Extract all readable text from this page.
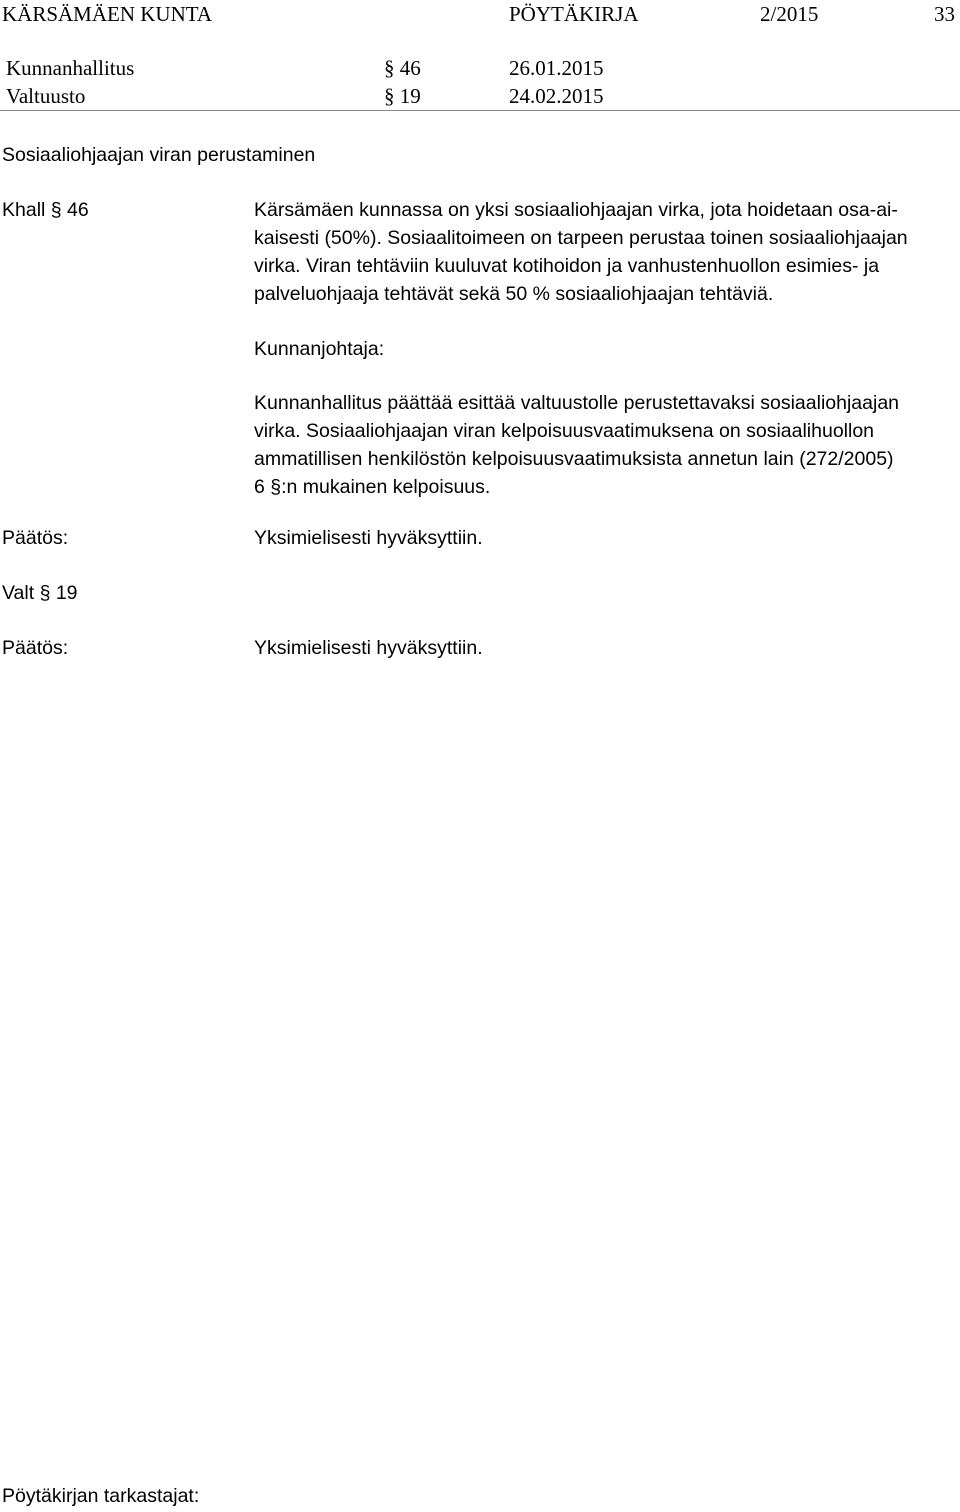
KÄRSÄMÄEN KUNTA	PÖYTÄKIRJA	2/2015	33
Kunnanhallitus	§ 46	26.01.2015
Valtuusto	§ 19	24.02.2015
Sosiaaliohjaajan viran perustaminen
Khall § 46	Kärsämäen kunnassa on yksi sosiaaliohjaajan virka, jota hoidetaan osa-ai-
kaisesti (50%). Sosiaalitoimeen on tarpeen perustaa toinen sosiaaliohjaajan
virka. Viran tehtäviin kuuluvat kotihoidon ja vanhustenhuollon esimies- ja
palveluohjaaja tehtävät sekä 50 % sosiaaliohjaajan tehtäviä.
Kunnanjohtaja:
Kunnanhallitus päättää esittää valtuustolle perustettavaksi sosiaaliohjaajan
virka. Sosiaaliohjaajan viran kelpoisuusvaatimuksena on sosiaalihuollon
ammatillisen henkilöstön kelpoisuusvaatimuksista annetun lain (272/2005)
6 §:n mukainen kelpoisuus.
Päätös:	Yksimielisesti hyväksyttiin.
Valt § 19
Päätös:	Yksimielisesti hyväksyttiin.
Pöytäkirjan tarkastajat:
